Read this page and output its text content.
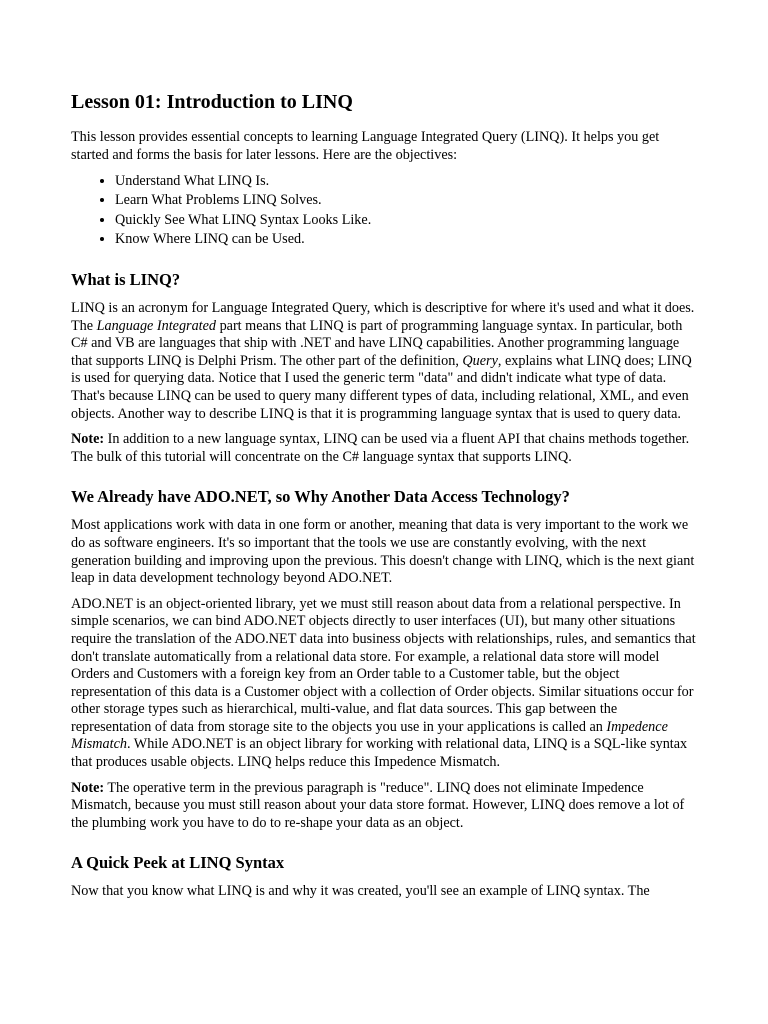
Lesson 01: Introduction to LINQ

This lesson provides essential concepts to learning Language Integrated Query (LINQ). It helps you get started and forms the basis for later lessons. Here are the objectives:

• Understand What LINQ Is.
• Learn What Problems LINQ Solves.
• Quickly See What LINQ Syntax Looks Like.
• Know Where LINQ can be Used.
What is LINQ?

LINQ is an acronym for Language Integrated Query, which is descriptive for where it's used and what it does. The Language Integrated part means that LINQ is part of programming language syntax. In particular, both C# and VB are languages that ship with .NET and have LINQ capabilities. Another programming language that supports LINQ is Delphi Prism. The other part of the definition, Query, explains what LINQ does; LINQ is used for querying data. Notice that I used the generic term "data" and didn't indicate what type of data. That's because LINQ can be used to query many different types of data, including relational, XML, and even objects. Another way to describe LINQ is that it is programming language syntax that is used to query data.

Note: In addition to a new language syntax, LINQ can be used via a fluent API that chains methods together. The bulk of this tutorial will concentrate on the C# language syntax that supports LINQ.

We Already have ADO.NET, so Why Another Data Access Technology?

Most applications work with data in one form or another, meaning that data is very important to the work we do as software engineers. It's so important that the tools we use are constantly evolving, with the next generation building and improving upon the previous. This doesn't change with LINQ, which is the next giant leap in data development technology beyond ADO.NET.

ADO.NET is an object-oriented library, yet we must still reason about data from a relational perspective. In simple scenarios, we can bind ADO.NET objects directly to user interfaces (UI), but many other situations require the translation of the ADO.NET data into business objects with relationships, rules, and semantics that don't translate automatically from a relational data store. For example, a relational data store will model Orders and Customers with a foreign key from an Order table to a Customer table, but the object representation of this data is a Customer object with a collection of Order objects. Similar situations occur for other storage types such as hierarchical, multi-value, and flat data sources. This gap between the representation of data from storage site to the objects you use in your applications is called an Impedence Mismatch. While ADO.NET is an object library for working with relational data, LINQ is a SQL-like syntax that produces usable objects. LINQ helps reduce this Impedence Mismatch.

Note: The operative term in the previous paragraph is "reduce". LINQ does not eliminate Impedence Mismatch, because you must still reason about your data store format. However, LINQ does remove a lot of the plumbing work you have to do to re-shape your data as an object.

A Quick Peek at LINQ Syntax

Now that you know what LINQ is and why it was created, you'll see an example of LINQ syntax. The
